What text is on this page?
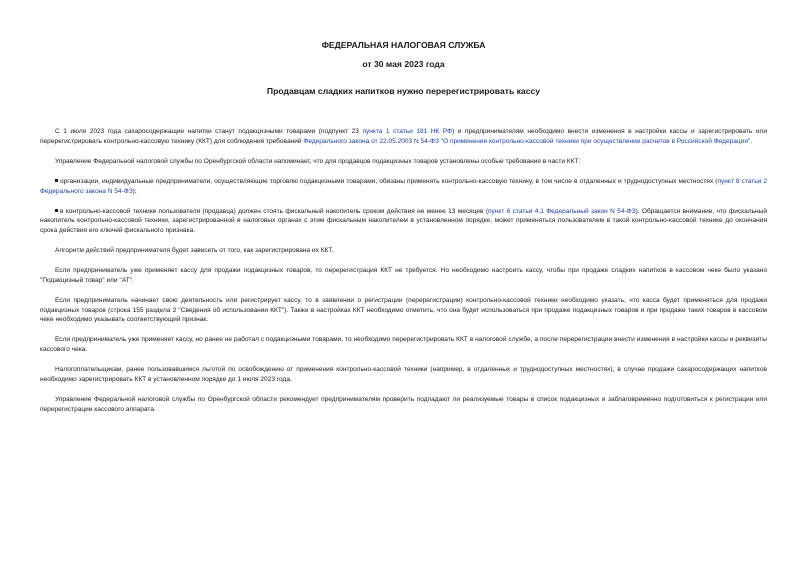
ФЕДЕРАЛЬНАЯ НАЛОГОВАЯ СЛУЖБА
от 30 мая 2023 года
Продавцам сладких напитков нужно перерегистрировать кассу

С 1 июля 2023 года сахаросодержащие напитки станут подакцизными товарами (подпункт 23 пункта 1 статьи 181 НК РФ) и предпринимателям необходимо внести изменения в настройки кассы и зарегистрировать или перерегистрировать контрольно-кассовую технику (ККТ) для соблюдения требований Федерального закона от 22.05.2003 N 54-ФЗ "О применении контрольно-кассовой техники при осуществлении расчетов в Российской Федерации".

Управление Федеральной налоговой службы по Оренбургской области напоминает, что для продавцов подакцизных товаров установлены особые требования в части ККТ:

организации, индивидуальные предприниматели, осуществляющие торговлю подакцизными товарами, обязаны применять контрольно-кассовую технику, в том числе в отдаленных и труднодоступных местностях (пункт 8 статьи 2 Федерального закона N 54-ФЗ);

в контрольно-кассовой технике пользователя (продавца) должен стоять фискальный накопитель сроком действия не менее 13 месяцев (пункт 6 статьи 4.1 Федеральный закон N 54-ФЗ). Обращается внимание, что фискальный накопитель контрольно-кассовой техники, зарегистрированной в налоговых органах с этим фискальным накопителем в установленном порядке, может применяться пользователем в такой контрольно-кассовой технике до окончания срока действия его ключей фискального признака.

Алгоритм действий предпринимателя будет зависеть от того, как зарегистрирована их ККТ.

Если предприниматель уже применяет кассу для продажи подакцизных товаров, то перерегистрация ККТ не требуется. Но необходимо настроить кассу, чтобы при продаже сладких напитков в кассовом чеке было указано "Подакцизный товар" или "АТ".

Если предприниматель начинает свою деятельность или регистрирует кассу, то в заявлении о регистрации (перерегистрации) контрольно-кассовой техники необходимо указать, что касса будет применяться для продажи подакцизных товаров (строка 155 раздела 2 "Сведения об использовании ККТ"). Также в настройках ККТ необходимо отметить, что она будет использоваться при продаже подакцизных товаров и при продаже таких товаров в кассовом чеке необходимо указывать соответствующий признак.

Если предприниматель уже применяет кассу, но ранее не работал с подакцизными товарами, то необходимо перерегистрировать ККТ в налоговой службе, а после перерегистрации внести изменения в настройки кассы и реквизиты кассового чека.

Налогоплательщикам, ранее пользовавшимся льготой по освобождению от применения контрольно-кассовой техники (например, в отдаленных и труднодоступных местностях), в случае продажи сахаросодержащих напитков необходимо зарегистрировать ККТ в установленном порядке до 1 июля 2023 года.

Управление Федеральной налоговой службы по Оренбургской области рекомендует предпринимателям проверить подпадают ли реализуемые товары в список подакцизных и заблаговременно подготовиться к регистрации или перерегистрации кассового аппарата.
